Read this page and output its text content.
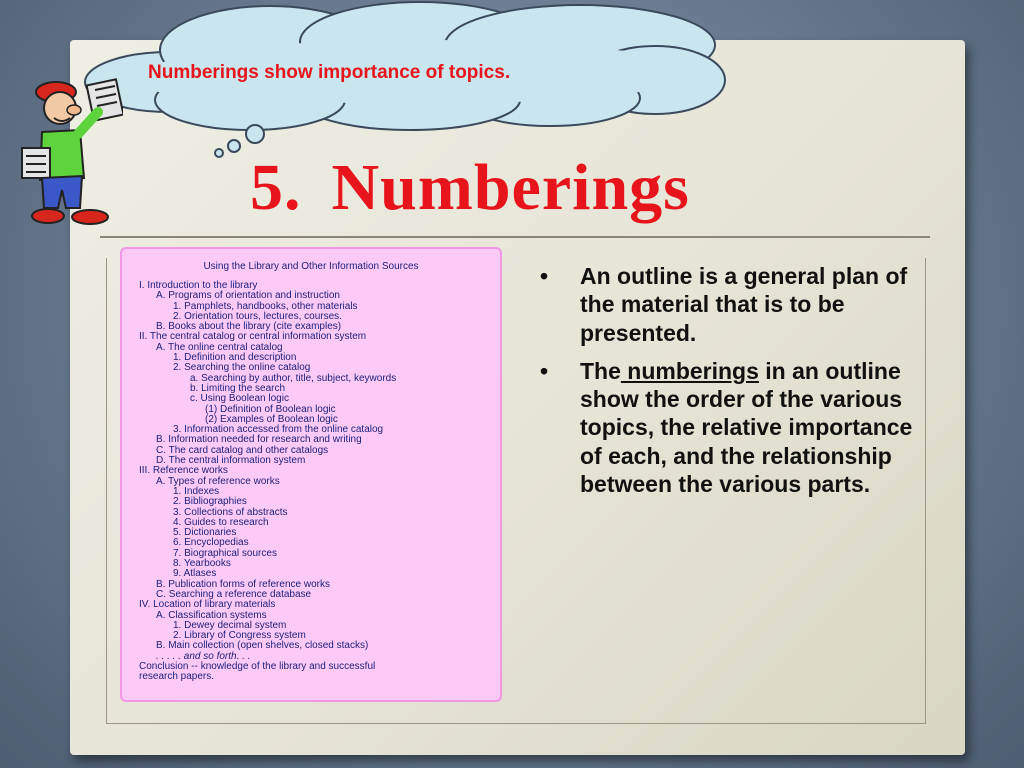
Numberings show importance of topics.

5. Numberings
Using the Library and Other Information Sources
I. Introduction to the library
A. Programs of orientation and instruction
1. Pamphlets, handbooks, other materials
2. Orientation tours, lectures, courses.
B. Books about the library (cite examples)
II. The central catalog or central information system
A. The online central catalog
1. Definition and description
2. Searching the online catalog
a. Searching by author, title, subject, keywords
b. Limiting the search
c. Using Boolean logic
(1) Definition of Boolean logic
(2) Examples of Boolean logic
3. Information accessed from the online catalog
B. Information needed for research and writing
C. The card catalog and other catalogs
D. The central information system
III. Reference works
A. Types of reference works
1. Indexes
2. Bibliographies
3. Collections of abstracts
4. Guides to research
5. Dictionaries
6. Encyclopedias
7. Biographical sources
8. Yearbooks
9. Atlases
B. Publication forms of reference works
C. Searching a reference database
IV. Location of library materials
A. Classification systems
1. Dewey decimal system
2. Library of Congress system
B. Main collection (open shelves, closed stacks)
. . . . . and so forth. . .
Conclusion -- knowledge of the library and successful
research papers.
• An outline is a general plan of the material that is to be presented.
• The numberings in an outline show the order of the various topics, the relative importance of each, and the relationship between the various parts.
